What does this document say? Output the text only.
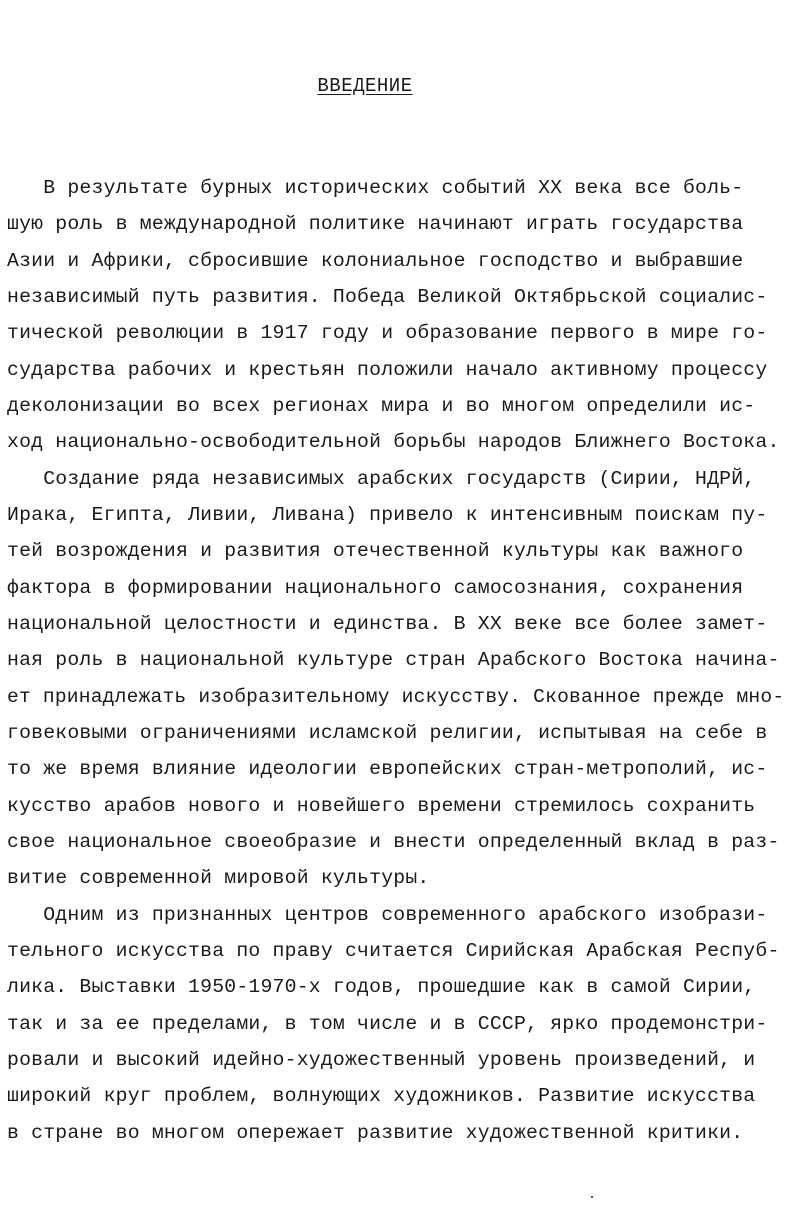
ВВЕДЕНИЕ
В результате бурных исторических событий XX века все боль-
шую роль в международной политике начинают играть государства
Азии и Африки, сбросившие колониальное господство и выбравшие
независимый путь развития. Победа Великой Октябрьской социалис-
тической революции в 1917 году и образование первого в мире го-
сударства рабочих и крестьян положили начало активному процессу
деколонизации во всех регионах мира и во многом определили ис-
ход национально-освободительной борьбы народов Ближнего Востока.
Создание ряда независимых арабских государств (Сирии, НДРЙ,
Ирака, Египта, Ливии, Ливана) привело к интенсивным поискам пу-
тей возрождения и развития отечественной культуры как важного
фактора в формировании национального самосознания, сохранения
национальной целостности и единства. В XX веке все более замет-
ная роль в национальной культуре стран Арабского Востока начина-
ет принадлежать изобразительному искусству. Скованное прежде мно-
говековыми ограничениями исламской религии, испытывая на себе в
то же время влияние идеологии европейских стран-метрополий, ис-
кусство арабов нового и новейшего времени стремилось сохранить
свое национальное своеобразие и внести определенный вклад в раз-
витие современной мировой культуры.
Одним из признанных центров современного арабского изобрази-
тельного искусства по праву считается Сирийская Арабская Респуб-
лика. Выставки 1950-1970-х годов, прошедшие как в самой Сирии,
так и за ее пределами, в том числе и в СССР, ярко продемонстри-
ровали и высокий идейно-художественный уровень произведений, и
широкий круг проблем, волнующих художников. Развитие искусства
в стране во многом опережает развитие художественной критики.
